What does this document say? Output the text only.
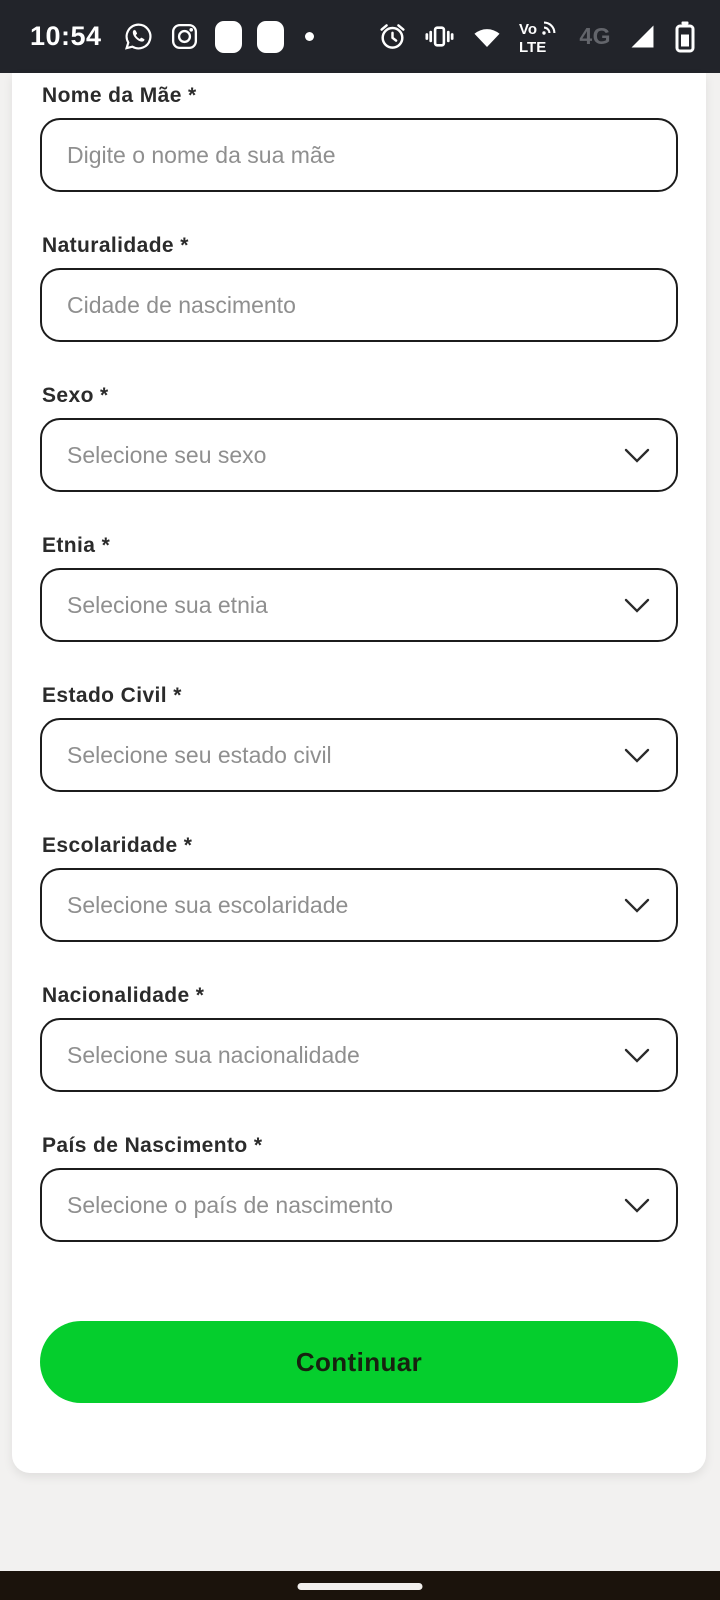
10:54	Vo
LTE 4G
Nome da Mãe *
Digite o nome da sua mãe
Naturalidade *
Cidade de nascimento
Sexo *
Selecione seu sexo
Etnia *
Selecione sua etnia
Estado Civil *
Selecione seu estado civil
Escolaridade *
Selecione sua escolaridade
Nacionalidade *
Selecione sua nacionalidade
País de Nascimento *
Selecione o país de nascimento
Continuar
